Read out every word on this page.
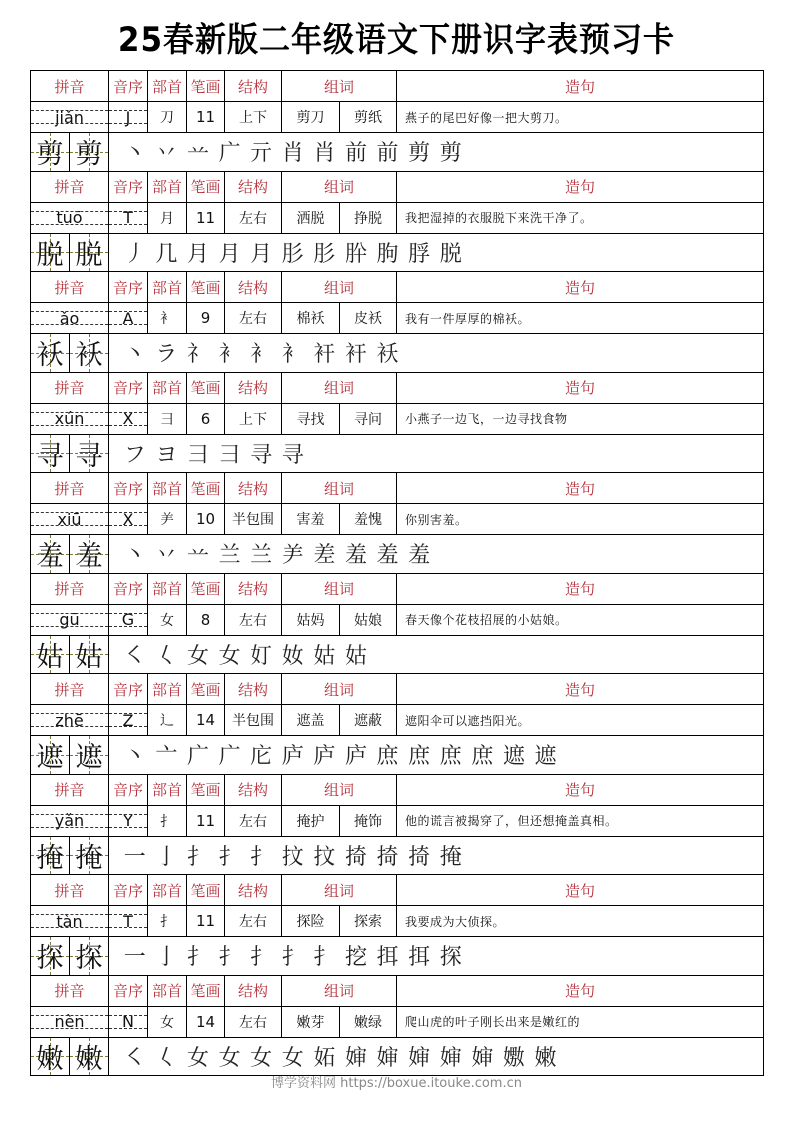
25春新版二年级语文下册识字表预习卡
拼音	音序 部首 笔画	结构	组词	造句
jiǎn	J	刀	11	上下	剪刀	剪纸	燕子的尾巴好像一把大剪刀。
剪 剪 丶 丷 䒑 广 亓 肖 肖 前 前 剪 剪
拼音	音序 部首 笔画	结构	组词	造句
tuō	T	月	11	左右	洒脱	挣脱	我把湿掉的衣服脱下来洗干净了。
脱 脱 丿 几 月 月 月 肜 肜 肸 朐 脬 脱
拼音	音序 部首 笔画	结构	组词	造句
ǎo	A	衤	9	左右	棉袄	皮袄	我有一件厚厚的棉袄。
袄 袄 丶 ラ 礻 衤 衤 衤 衦 衦 袄
拼音	音序 部首 笔画	结构	组词	造句
xún	X	彐	6	上下	寻找	寻问	小燕子一边飞，一边寻找食物
寻 寻 フ ヨ 彐 ⺕ 寻 寻
拼音	音序 部首 笔画	结构	组词	造句
xiū	X	⺶	10	半包围	害羞	羞愧	你别害羞。
羞 羞 丶 丷 䒑 兰 兰 ⺶ 差 羞 羞 羞
拼音	音序 部首 笔画	结构	组词	造句
gū	G	女	8	左右	姑妈	姑娘	春天像个花枝招展的小姑娘。
姑 姑 ㇛ 𡿨 女 女 奵 奻 姑 姑
拼音	音序 部首 笔画	结构	组词	造句
zhē	Z	辶	14	半包围	遮盖	遮蔽	遮阳伞可以遮挡阳光。
遮 遮 丶 亠 广 广 庀 庐 庐 庐 庶 庶 庶 庶 遮 遮
拼音	音序 部首 笔画	结构	组词	造句
yǎn	Y	扌	11	左右	掩护	掩饰	他的谎言被揭穿了，但还想掩盖真相。
掩 掩 一 亅 扌 扌 扌 抆 抆 掎 掎 掎 掩
拼音	音序 部首 笔画	结构	组词	造句
tàn	T	扌	11	左右	探险	探索	我要成为大侦探。
探 探 一 亅 扌 扌 扌 扌 扌 挖 挕 挕 探
拼音	音序 部首 笔画	结构	组词	造句
nèn	N	女	14	左右	嫩芽	嫩绿	爬山虎的叶子刚长出来是嫩红的
嫩 嫩 ㇛ 𡿨 女 女 女 女 妬 婶 婶 婶 婶 婶 嫐 嫩
博学资料网 https://boxue.itouke.com.cn
